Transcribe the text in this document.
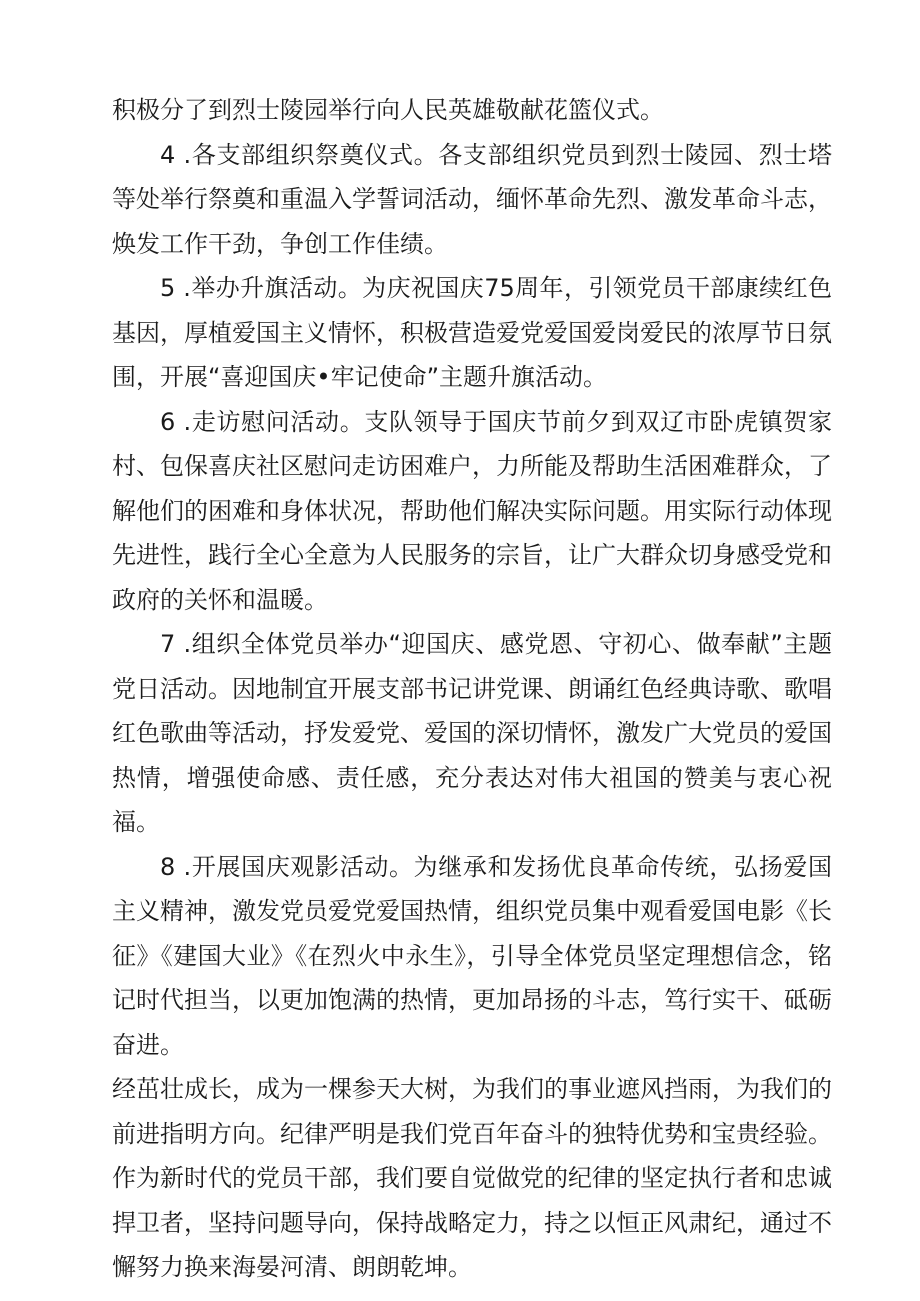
积极分了到烈士陵园举行向人民英雄敬献花篮仪式。

4 .各支部组织祭奠仪式。各支部组织党员到烈士陵园、烈士塔等处举行祭奠和重温入学誓词活动，缅怀革命先烈、激发革命斗志，焕发工作干劲，争创工作佳绩。

5 .举办升旗活动。为庆祝国庆75周年，引领党员干部康续红色基因，厚植爱国主义情怀，积极营造爱党爱国爱岗爱民的浓厚节日氛围，开展“喜迎国庆•牢记使命”主题升旗活动。

6 .走访慰问活动。支队领导于国庆节前夕到双辽市卧虎镇贺家村、包保喜庆社区慰问走访困难户，力所能及帮助生活困难群众，了解他们的困难和身体状况，帮助他们解决实际问题。用实际行动体现先进性，践行全心全意为人民服务的宗旨，让广大群众切身感受党和政府的关怀和温暖。

7 .组织全体党员举办“迎国庆、感党恩、守初心、做奉献”主题党日活动。因地制宜开展支部书记讲党课、朗诵红色经典诗歌、歌唱红色歌曲等活动，抒发爱党、爱国的深切情怀，激发广大党员的爱国热情，增强使命感、责任感，充分表达对伟大祖国的赞美与衷心祝福。

8 .开展国庆观影活动。为继承和发扬优良革命传统，弘扬爱国主义精神，激发党员爱党爱国热情，组织党员集中观看爱国电影《长征》《建国大业》《在烈火中永生》，引导全体党员坚定理想信念，铭记时代担当，以更加饱满的热情，更加昂扬的斗志，笃行实干、砥砺奋进。

经茁壮成长，成为一棵参天大树，为我们的事业遮风挡雨，为我们的前进指明方向。纪律严明是我们党百年奋斗的独特优势和宝贵经验。作为新时代的党员干部，我们要自觉做党的纪律的坚定执行者和忠诚捍卫者，坚持问题导向，保持战略定力，持之以恒正风肃纪，通过不懈努力换来海晏河清、朗朗乾坤。
